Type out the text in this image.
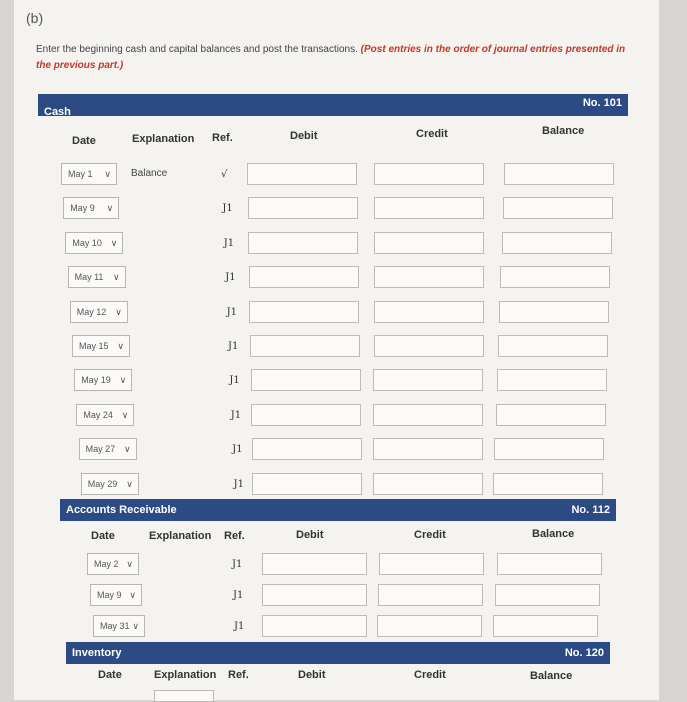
(b)
Enter the beginning cash and capital balances and post the transactions. (Post entries in the order of journal entries presented in the previous part.)
Cash
No. 101
Date	Explanation Ref.	Debit	Credit	Balance
May 1 ∨ Balance	√
May 9 ∨	J1
May 10 ∨	J1
May 11 ∨	J1
May 12 ∨	J1
May 15 ∨	J1
May 19 ∨	J1
May 24 ∨	J1
May 27 ∨	J1
May 29 ∨	J1
Accounts Receivable	No. 112
Date	Explanation Ref.	Debit	Credit	Balance
May 2 ∨	J1
May 9 ∨	J1
May 31 ∨	J1
Inventory	No. 120
Date	Explanation Ref.	Debit	Credit	Balance
